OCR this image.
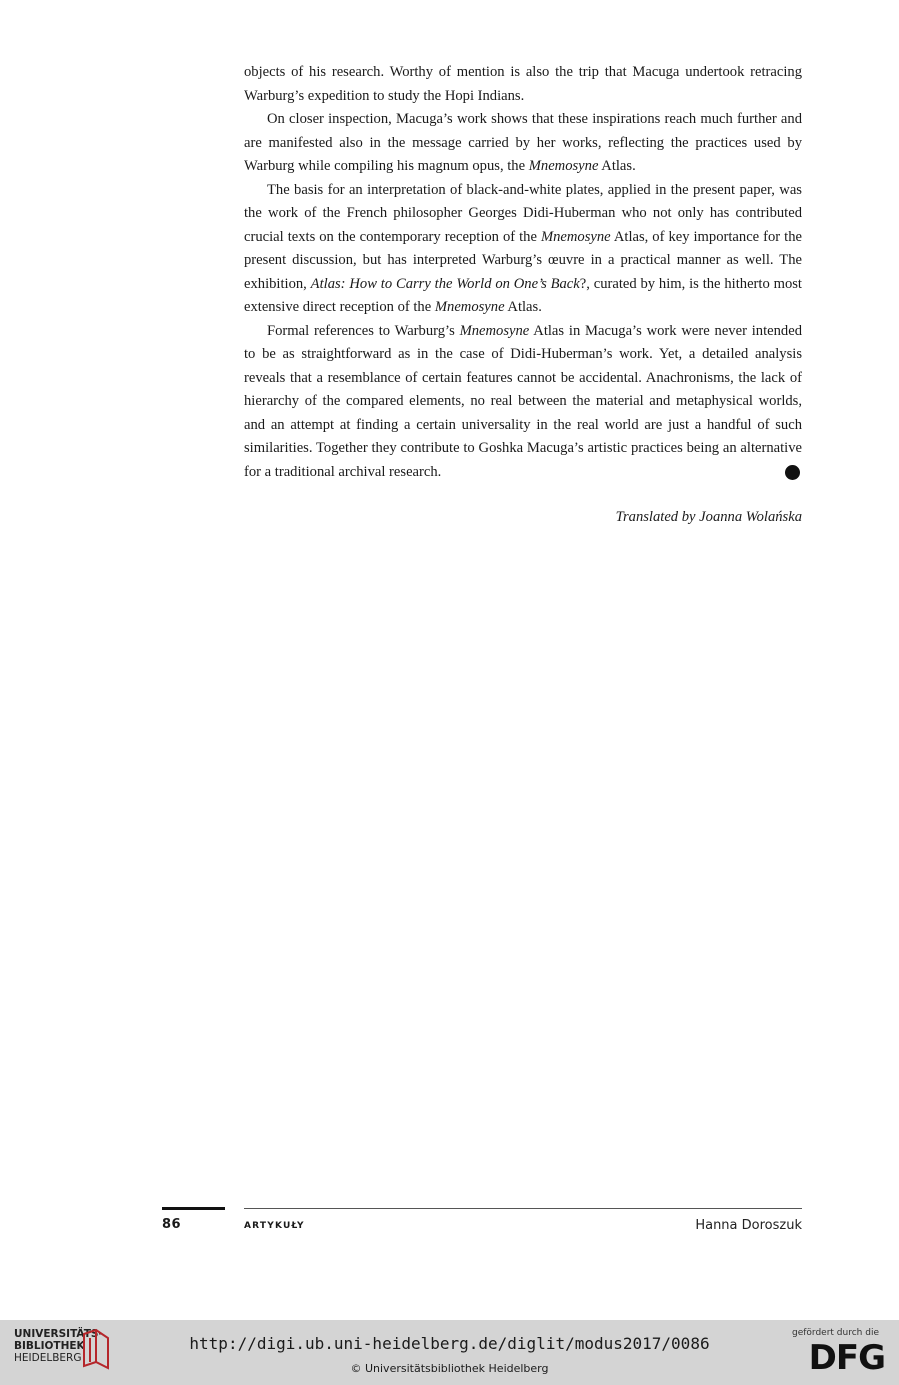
objects of his research. Worthy of mention is also the trip that Macuga undertook retracing Warburg’s expedition to study the Hopi Indians.

On closer inspection, Macuga’s work shows that these inspirations reach much further and are manifested also in the message carried by her works, reflecting the practices used by Warburg while compiling his magnum opus, the Mnemosyne Atlas.

The basis for an interpretation of black-and-white plates, applied in the present paper, was the work of the French philosopher Georges Didi-Huberman who not only has contributed crucial texts on the contemporary reception of the Mnemosyne Atlas, of key importance for the present discussion, but has interpreted Warburg’s œuvre in a practical manner as well. The exhibition, Atlas: How to Carry the World on One’s Back?, curated by him, is the hitherto most extensive direct reception of the Mnemosyne Atlas.

Formal references to Warburg’s Mnemosyne Atlas in Macuga’s work were never intended to be as straightforward as in the case of Didi-Huberman’s work. Yet, a detailed analysis reveals that a resemblance of certain features cannot be accidental. Anachronisms, the lack of hierarchy of the compared elements, no real between the material and metaphysical worlds, and an attempt at finding a certain universality in the real world are just a handful of such similarities. Together they contribute to Goshka Macuga’s artistic practices being an alternative for a traditional archival research.

Translated by Joanna Wolańska
86	ARTYKUŁY	Hanna Doroszuk
UNIVERSITÄTS-
BIBLIOTHEK
HEIDELBERG
http://digi.ub.uni-heidelberg.de/diglit/modus2017/0086
© Universitätsbibliothek Heidelberg
gefördert durch die
DFG
